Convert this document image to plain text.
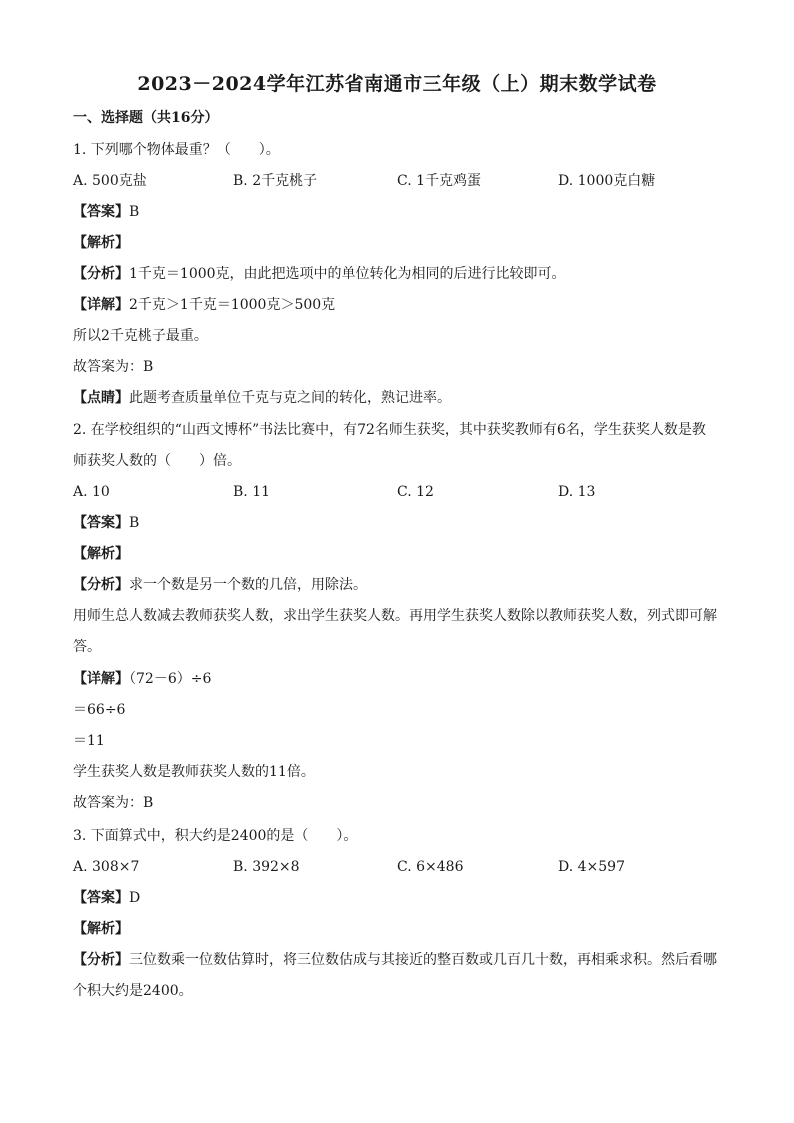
2023－2024学年江苏省南通市三年级（上）期末数学试卷
一、选择题（共16分）
1. 下列哪个物体最重？（　　）。
A. 500克盐	B. 2千克桃子	C. 1千克鸡蛋	D. 1000克白糖
【答案】B
【解析】
【分析】1千克＝1000克，由此把选项中的单位转化为相同的后进行比较即可。
【详解】2千克＞1千克＝1000克＞500克
所以2千克桃子最重。
故答案为：B
【点睛】此题考查质量单位千克与克之间的转化，熟记进率。
2. 在学校组织的“山西文博杯”书法比赛中，有72名师生获奖，其中获奖教师有6名，学生获奖人数是教
师获奖人数的（　　）倍。
A. 10	B. 11	C. 12	D. 13
【答案】B
【解析】
【分析】求一个数是另一个数的几倍，用除法。
用师生总人数减去教师获奖人数，求出学生获奖人数。再用学生获奖人数除以教师获奖人数，列式即可解
答。
【详解】（72－6）÷6
＝66÷6
＝11
学生获奖人数是教师获奖人数的11倍。
故答案为：B
3. 下面算式中，积大约是2400的是（　　）。
A. 308×7	B. 392×8	C. 6×486	D. 4×597
【答案】D
【解析】
【分析】三位数乘一位数估算时，将三位数估成与其接近的整百数或几百几十数，再相乘求积。然后看哪
个积大约是2400。
